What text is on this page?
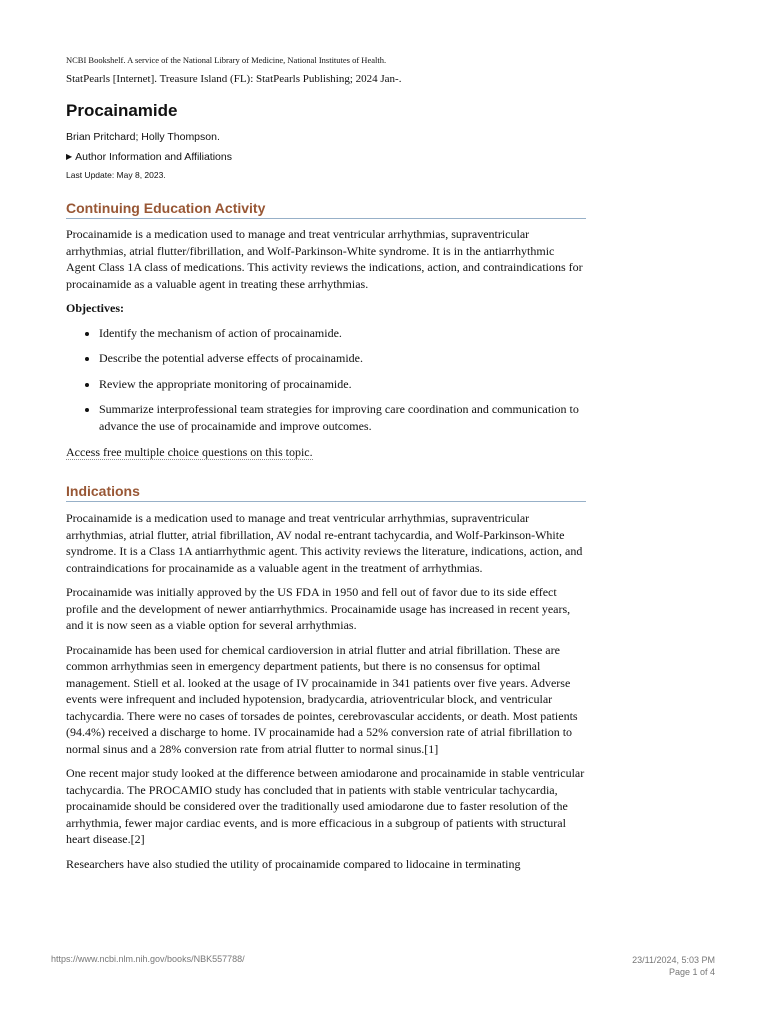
NCBI Bookshelf. A service of the National Library of Medicine, National Institutes of Health.
StatPearls [Internet]. Treasure Island (FL): StatPearls Publishing; 2024 Jan-.
Procainamide
Brian Pritchard; Holly Thompson.
▶ Author Information and Affiliations
Last Update: May 8, 2023.
Continuing Education Activity

Procainamide is a medication used to manage and treat ventricular arrhythmias, supraventricular arrhythmias, atrial flutter/fibrillation, and Wolf-Parkinson-White syndrome. It is in the antiarrhythmic Agent Class 1A class of medications. This activity reviews the indications, action, and contraindications for procainamide as a valuable agent in treating these arrhythmias.

Objectives:

• Identify the mechanism of action of procainamide.
• Describe the potential adverse effects of procainamide.
• Review the appropriate monitoring of procainamide.
• Summarize interprofessional team strategies for improving care coordination and communication to advance the use of procainamide and improve outcomes.

Access free multiple choice questions on this topic.

Indications

Procainamide is a medication used to manage and treat ventricular arrhythmias, supraventricular arrhythmias, atrial flutter, atrial fibrillation, AV nodal re-entrant tachycardia, and Wolf-Parkinson-White syndrome. It is a Class 1A antiarrhythmic agent. This activity reviews the literature, indications, action, and contraindications for procainamide as a valuable agent in the treatment of arrhythmias.

Procainamide was initially approved by the US FDA in 1950 and fell out of favor due to its side effect profile and the development of newer antiarrhythmics. Procainamide usage has increased in recent years, and it is now seen as a viable option for several arrhythmias.

Procainamide has been used for chemical cardioversion in atrial flutter and atrial fibrillation. These are common arrhythmias seen in emergency department patients, but there is no consensus for optimal management. Stiell et al. looked at the usage of IV procainamide in 341 patients over five years. Adverse events were infrequent and included hypotension, bradycardia, atrioventricular block, and ventricular tachycardia. There were no cases of torsades de pointes, cerebrovascular accidents, or death. Most patients (94.4%) received a discharge to home. IV procainamide had a 52% conversion rate of atrial fibrillation to normal sinus and a 28% conversion rate from atrial flutter to normal sinus.[1]

One recent major study looked at the difference between amiodarone and procainamide in stable ventricular tachycardia. The PROCAMIO study has concluded that in patients with stable ventricular tachycardia, procainamide should be considered over the traditionally used amiodarone due to faster resolution of the arrhythmia, fewer major cardiac events, and is more efficacious in a subgroup of patients with structural heart disease.[2]

Researchers have also studied the utility of procainamide compared to lidocaine in terminating

https://www.ncbi.nlm.nih.gov/books/NBK557788/	23/11/2024, 5:03 PM
Page 1 of 4
